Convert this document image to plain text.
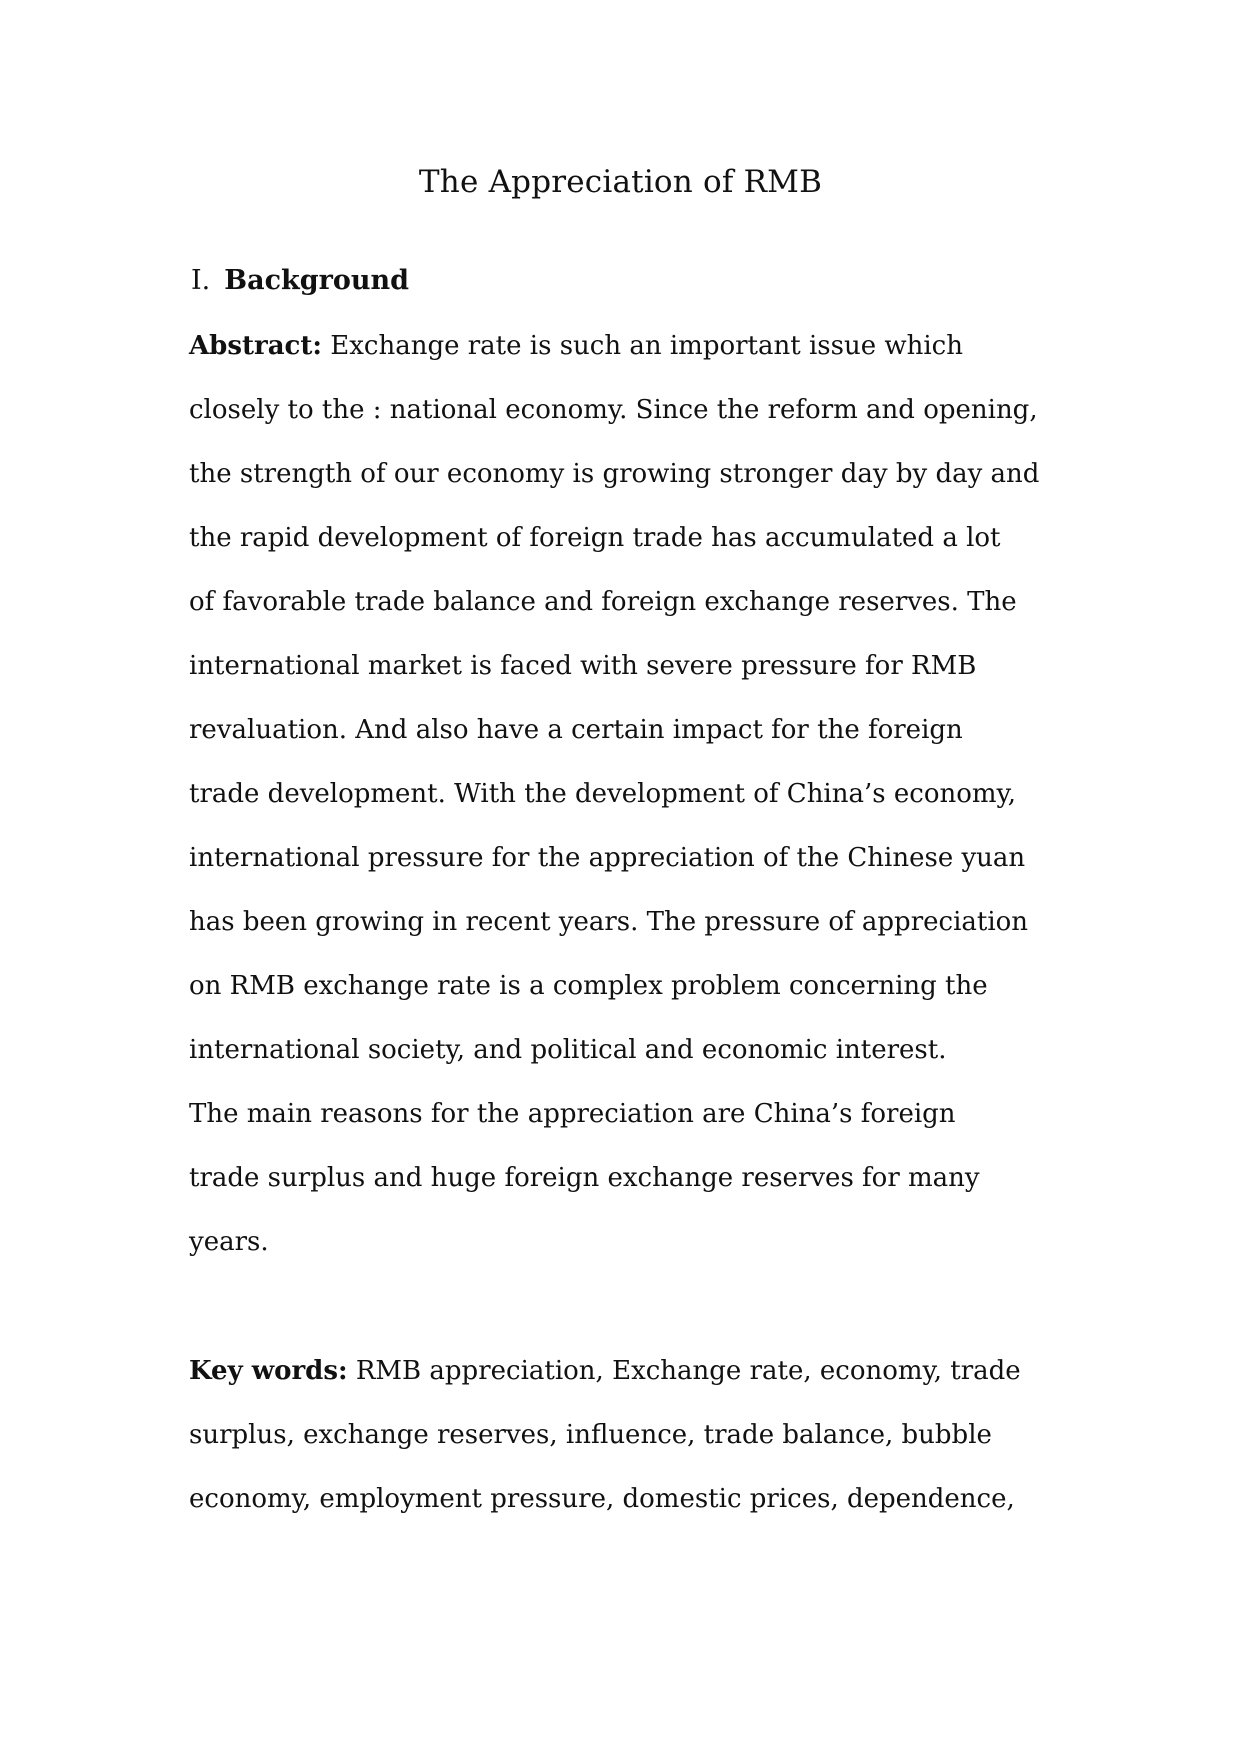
The Appreciation of RMB
Ⅰ. Background

Abstract: Exchange rate is such an important issue which

closely to the : national economy. Since the reform and opening,

the strength of our economy is growing stronger day by day and

the rapid development of foreign trade has accumulated a lot

of favorable trade balance and foreign exchange reserves. The

international market is faced with severe pressure for RMB

revaluation. And also have a certain impact for the foreign

trade development. With the development of China’s economy,

international pressure for the appreciation of the Chinese yuan

has been growing in recent years. The pressure of appreciation

on RMB exchange rate is a complex problem concerning the

international society, and political and economic interest.

The main reasons for the appreciation are China’s foreign

trade surplus and huge foreign exchange reserves for many

years.

Key words: RMB appreciation, Exchange rate, economy, trade

surplus, exchange reserves, influence, trade balance, bubble

economy, employment pressure, domestic prices, dependence,
